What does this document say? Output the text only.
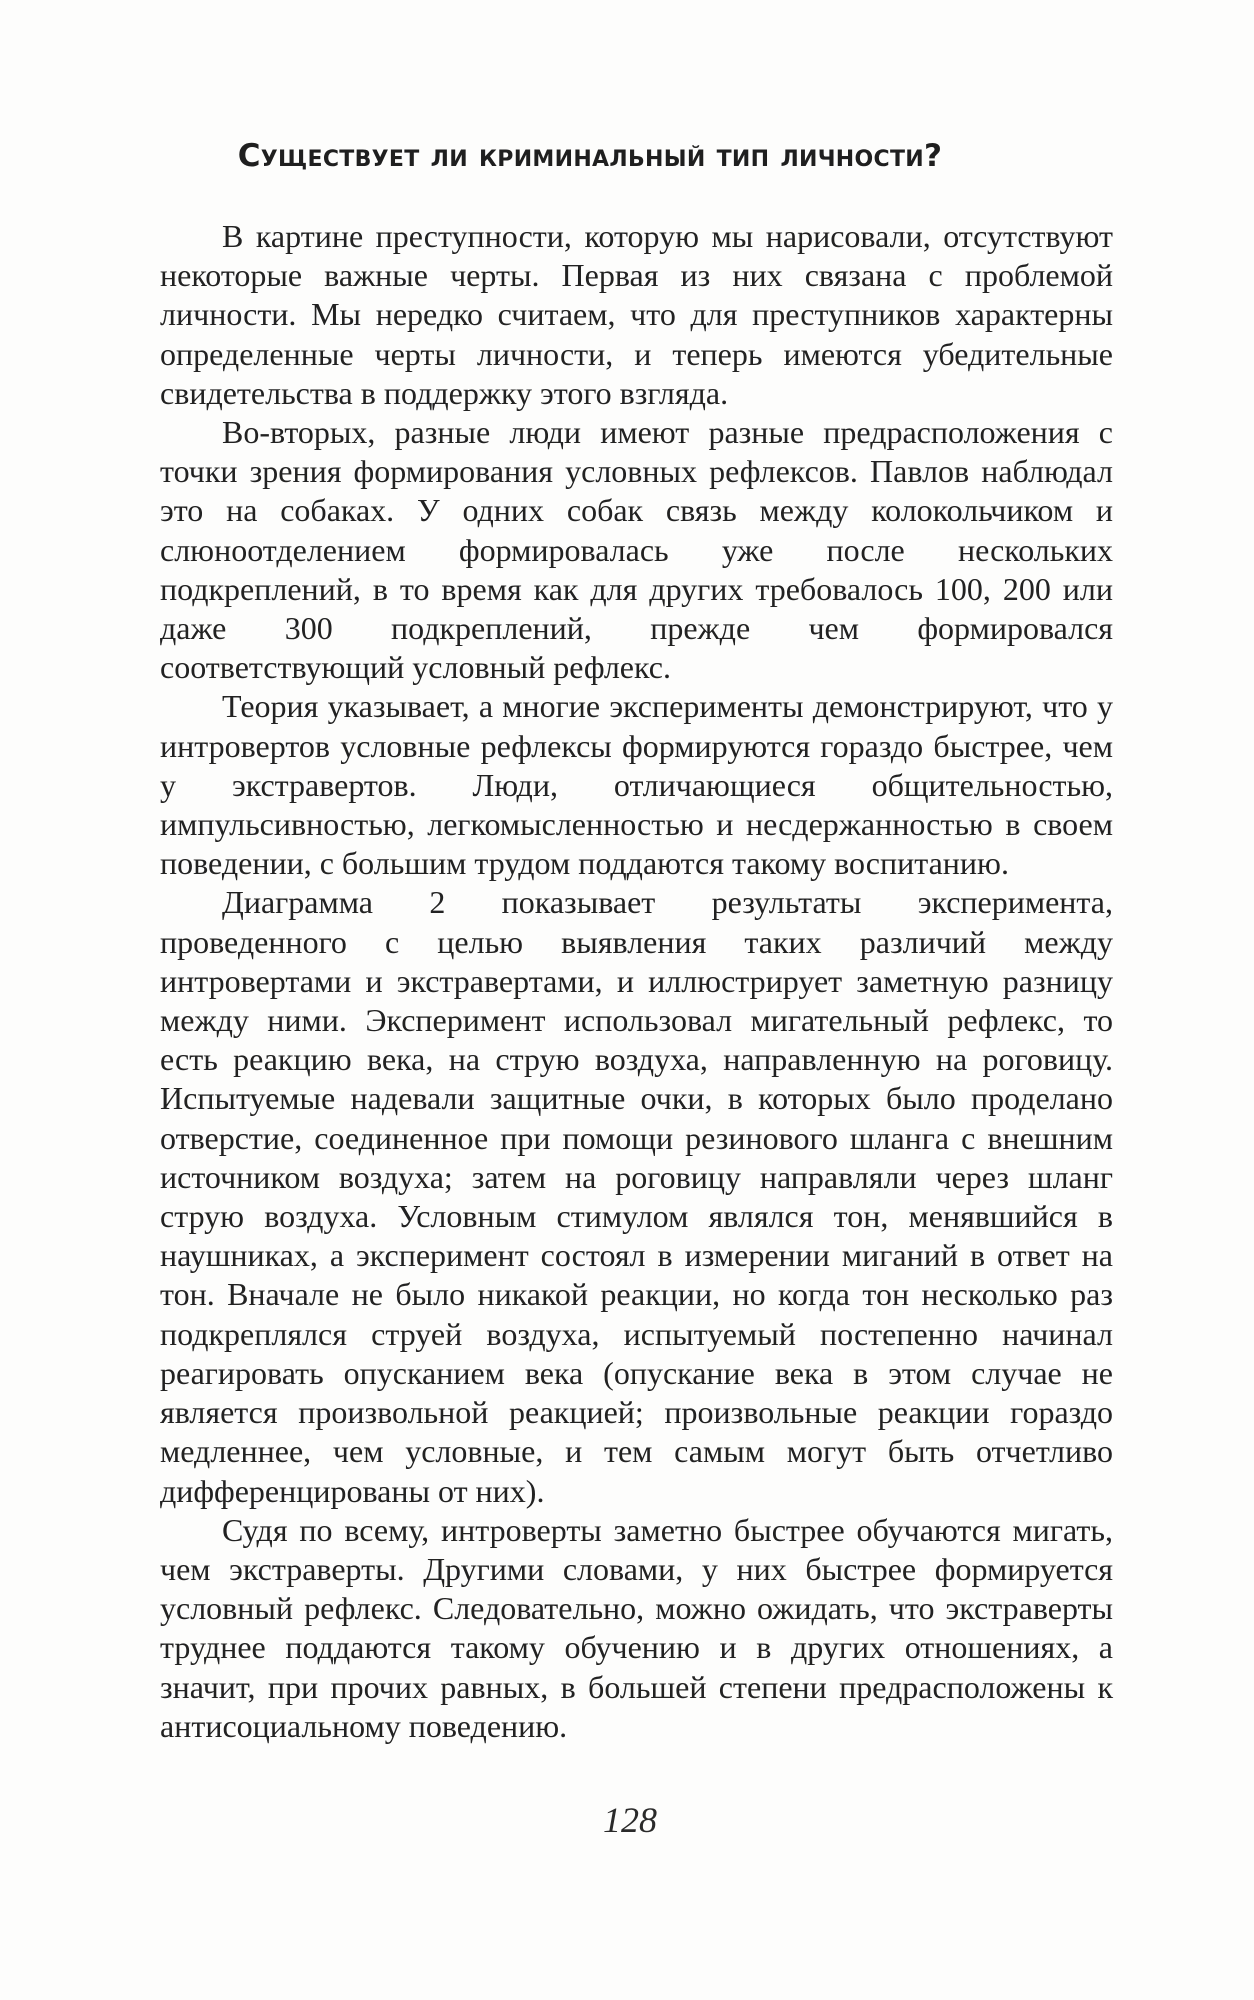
Существует ли криминальный тип личности?

В картине преступности, которую мы нарисовали, отсутствуют некоторые важные черты. Первая из них связана с проблемой личности. Мы нередко считаем, что для преступников характерны определенные черты личности, и теперь имеются убедительные свидетельства в поддержку этого взгляда.

Во-вторых, разные люди имеют разные предрасположения с точки зрения формирования условных рефлексов. Павлов наблюдал это на собаках. У одних собак связь между колокольчиком и слюноотделением формировалась уже после нескольких подкреплений, в то время как для других требовалось 100, 200 или даже 300 подкреплений, прежде чем формировался соответствующий условный рефлекс.

Теория указывает, а многие эксперименты демонстрируют, что у интровертов условные рефлексы формируются гораздо быстрее, чем у экстравертов. Люди, отличающиеся общительностью, импульсивностью, легкомысленностью и несдержанностью в своем поведении, с большим трудом поддаются такому воспитанию.

Диаграмма 2 показывает результаты эксперимента, проведенного с целью выявления таких различий между интровертами и экстравертами, и иллюстрирует заметную разницу между ними. Эксперимент использовал мигательный рефлекс, то есть реакцию века, на струю воздуха, направленную на роговицу. Испытуемые надевали защитные очки, в которых было проделано отверстие, соединенное при помощи резинового шланга с внешним источником воздуха; затем на роговицу направляли через шланг струю воздуха. Условным стимулом являлся тон, менявшийся в наушниках, а эксперимент состоял в измерении миганий в ответ на тон. Вначале не было никакой реакции, но когда тон несколько раз подкреплялся струей воздуха, испытуемый постепенно начинал реагировать опусканием века (опускание века в этом случае не является произвольной реакцией; произвольные реакции гораздо медленнее, чем условные, и тем самым могут быть отчетливо дифференцированы от них).

Судя по всему, интроверты заметно быстрее обучаются мигать, чем экстраверты. Другими словами, у них быстрее формируется условный рефлекс. Следовательно, можно ожидать, что экстраверты труднее поддаются такому обучению и в других отношениях, а значит, при прочих равных, в большей степени предрасположены к антисоциальному поведению.

128
